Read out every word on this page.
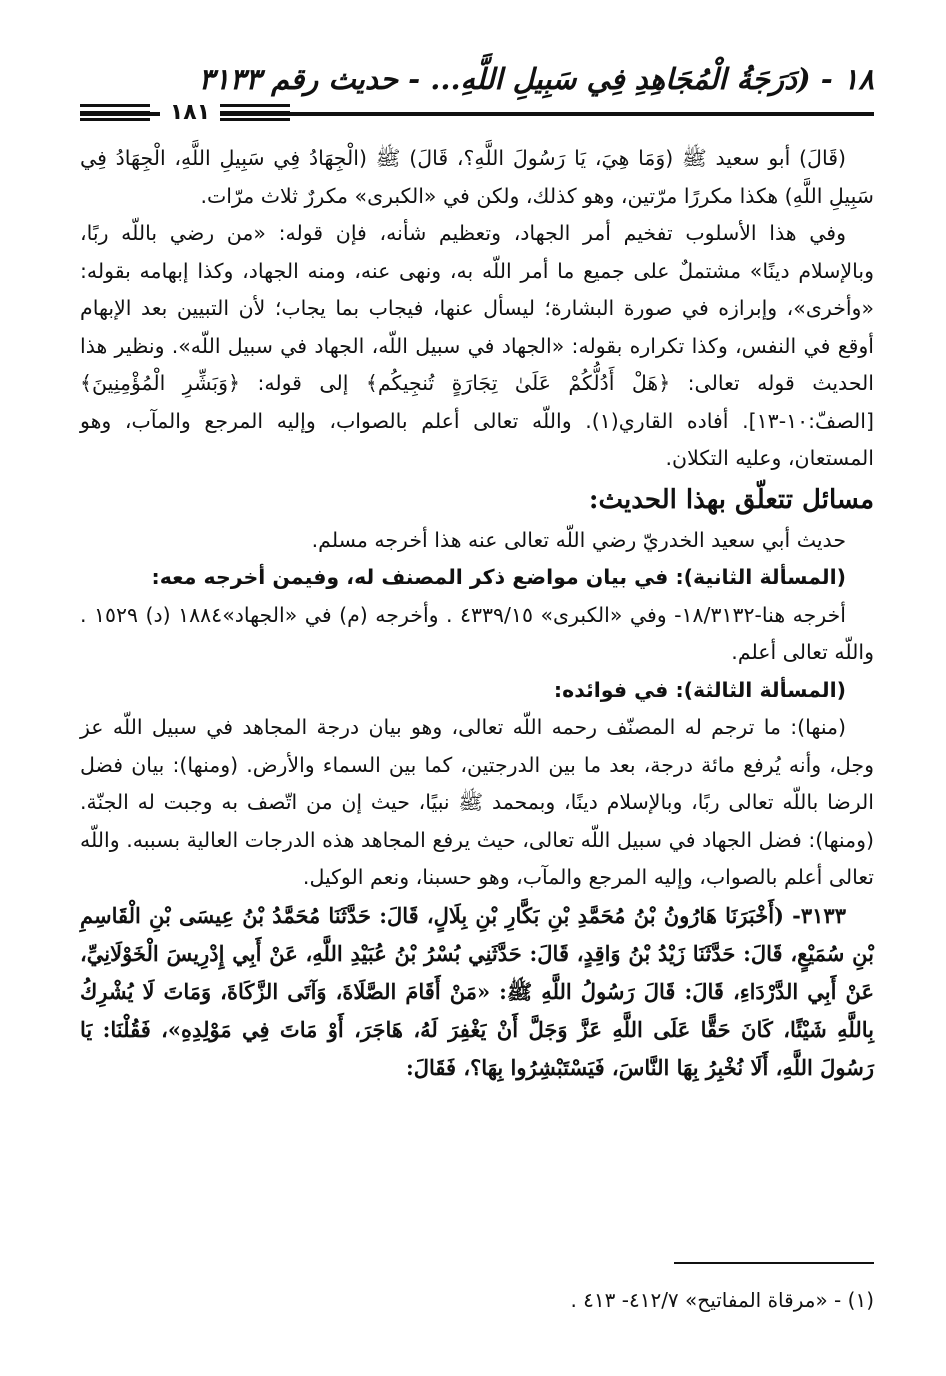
١٨ - (دَرَجَةُ الْمُجَاهِدِ فِي سَبِيلِ اللَّهِ... - حديث رقم ٣١٣٣
١٨١

(قَالَ) أبو سعيد ﷺ (وَمَا هِيَ، يَا رَسُولَ اللَّهِ؟، قَالَ) ﷺ (الْجِهَادُ فِي سَبِيلِ اللَّهِ، الْجِهَادُ فِي سَبِيلِ اللَّهِ) هكذا مكررًا مرّتين، وهو كذلك، ولكن في «الكبرى» مكررٌ ثلاث مرّات.

وفي هذا الأسلوب تفخيم أمر الجهاد، وتعظيم شأنه، فإن قوله: «من رضي باللّه ربًا، وبالإسلام دينًا» مشتملٌ على جميع ما أمر اللّه به، ونهى عنه، ومنه الجهاد، وكذا إبهامه بقوله: «وأخرى»، وإبرازه في صورة البشارة؛ ليسأل عنها، فيجاب بما يجاب؛ لأن التبيين بعد الإبهام أوقع في النفس، وكذا تكراره بقوله: «الجهاد في سبيل اللّه، الجهاد في سبيل اللّه». ونظير هذا الحديث قوله تعالى: ﴿هَلْ أَدُلُّكُمْ عَلَىٰ تِجَارَةٍ تُنجِيكُم﴾ إلى قوله: ﴿وَبَشِّرِ الْمُؤْمِنِينَ﴾ [الصفّ:١٠-١٣]. أفاده القاري(١). واللّه تعالى أعلم بالصواب، وإليه المرجع والمآب، وهو المستعان، وعليه التكلان.

مسائل تتعلّق بهذا الحديث:

حديث أبي سعيد الخدريّ رضي اللّه تعالى عنه هذا أخرجه مسلم.

(المسألة الثانية): في بيان مواضع ذكر المصنف له، وفيمن أخرجه معه:

أخرجه هنا-١٨/٣١٣٢- وفي «الكبرى» ٤٣٣٩/١٥ . وأخرجه (م) في «الجهاد»١٨٨٤ (د) ١٥٢٩ . واللّه تعالى أعلم.

(المسألة الثالثة): في فوائده:

(منها): ما ترجم له المصنّف رحمه اللّه تعالى، وهو بيان درجة المجاهد في سبيل اللّه عز وجل، وأنه يُرفع مائة درجة، بعد ما بين الدرجتين، كما بين السماء والأرض. (ومنها): بيان فضل الرضا باللّه تعالى ربًا، وبالإسلام دينًا، وبمحمد ﷺ نبيًا، حيث إن من اتّصف به وجبت له الجنّة. (ومنها): فضل الجهاد في سبيل اللّه تعالى، حيث يرفع المجاهد هذه الدرجات العالية بسببه. واللّه تعالى أعلم بالصواب، وإليه المرجع والمآب، وهو حسبنا، ونعم الوكيل.

٣١٣٣- (أَخْبَرَنَا هَارُونُ بْنُ مُحَمَّدِ بْنِ بَكَّارِ بْنِ بِلَالٍ، قَالَ: حَدَّثَنَا مُحَمَّدُ بْنُ عِيسَى بْنِ الْقَاسِمِ بْنِ سُمَيْعٍ، قَالَ: حَدَّثَنَا زَيْدُ بْنُ وَاقِدٍ، قَالَ: حَدَّثَنِي بُسْرُ بْنُ عُبَيْدِ اللَّهِ، عَنْ أَبِي إِدْرِيسَ الْخَوْلَانِيِّ، عَنْ أَبِي الدَّرْدَاءِ، قَالَ: قَالَ رَسُولُ اللَّهِ ﷺ: «مَنْ أَقَامَ الصَّلَاةَ، وَآتَى الزَّكَاةَ، وَمَاتَ لَا يُشْرِكُ بِاللَّهِ شَيْئًا، كَانَ حَقًّا عَلَى اللَّهِ عَزَّ وَجَلَّ أَنْ يَغْفِرَ لَهُ، هَاجَرَ، أَوْ مَاتَ فِي مَوْلِدِهِ»، فَقُلْنَا: يَا رَسُولَ اللَّهِ، أَلَا نُخْبِرُ بِهَا النَّاسَ، فَيَسْتَبْشِرُوا بِهَا؟، فَقَالَ:

(١) - «مرقاة المفاتيح» ٤١٢/٧- ٤١٣ .
